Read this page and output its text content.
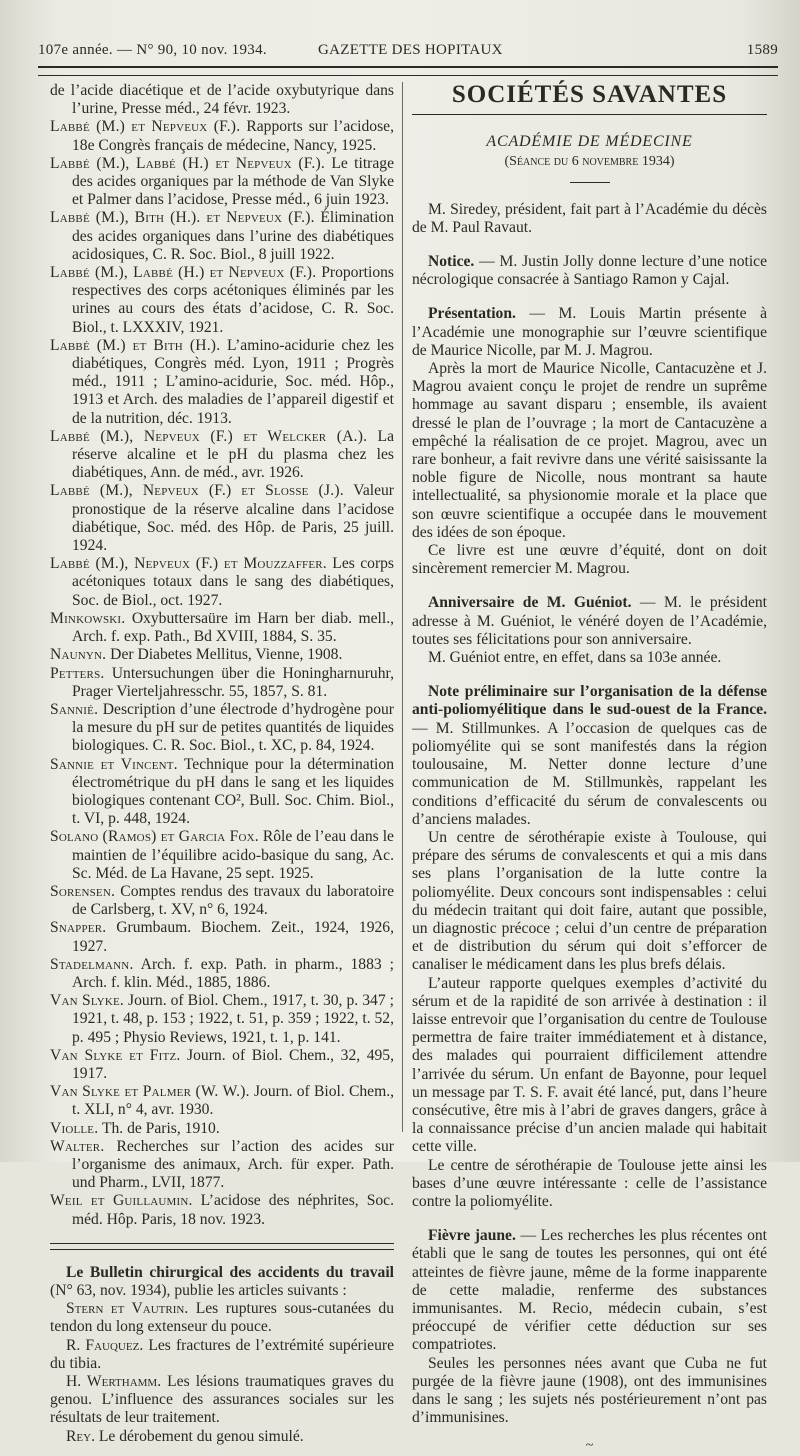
107e année. — N° 90, 10 nov. 1934.	GAZETTE DES HOPITAUX	1589

de l’acide diacétique et de l’acide oxybutyrique dans l’urine, Presse méd., 24 févr. 1923.

Labbé (M.) et Nepveux (F.). Rapports sur l’acidose, 18e Congrès français de médecine, Nancy, 1925.

Labbé (M.), Labbé (H.) et Nepveux (F.). Le titrage des acides organiques par la méthode de Van Slyke et Palmer dans l’acidose, Presse méd., 6 juin 1923.

Labbé (M.), Bith (H.). et Nepveux (F.). Élimination des acides organiques dans l’urine des diabétiques acidosiques, C. R. Soc. Biol., 8 juill 1922.

Labbé (M.), Labbé (H.) et Nepveux (F.). Proportions respectives des corps acétoniques éliminés par les urines au cours des états d’acidose, C. R. Soc. Biol., t. LXXXIV, 1921.

Labbé (M.) et Bith (H.). L’amino-acidurie chez les diabétiques, Congrès méd. Lyon, 1911 ; Progrès méd., 1911 ; L’amino-acidurie, Soc. méd. Hôp., 1913 et Arch. des maladies de l’appareil digestif et de la nutrition, déc. 1913.

Labbé (M.), Nepveux (F.) et Welcker (A.). La réserve alcaline et le pH du plasma chez les diabétiques, Ann. de méd., avr. 1926.

Labbé (M.), Nepveux (F.) et Slosse (J.). Valeur pronostique de la réserve alcaline dans l’acidose diabétique, Soc. méd. des Hôp. de Paris, 25 juill. 1924.

Labbé (M.), Nepveux (F.) et Mouzzaffer. Les corps acétoniques totaux dans le sang des diabétiques, Soc. de Biol., oct. 1927.

Minkowski. Oxybuttersaüre im Harn ber diab. mell., Arch. f. exp. Path., Bd XVIII, 1884, S. 35.

Naunyn. Der Diabetes Mellitus, Vienne, 1908.

Petters. Untersuchungen über die Honingharnuruhr, Prager Vierteljahresschr. 55, 1857, S. 81.

Sannié. Description d’une électrode d’hydrogène pour la mesure du pH sur de petites quantités de liquides biologiques. C. R. Soc. Biol., t. XC, p. 84, 1924.

Sannie et Vincent. Technique pour la détermination électrométrique du pH dans le sang et les liquides biologiques contenant CO², Bull. Soc. Chim. Biol., t. VI, p. 448, 1924.

Solano (Ramos) et Garcia Fox. Rôle de l’eau dans le maintien de l’équilibre acido-basique du sang, Ac. Sc. Méd. de La Havane, 25 sept. 1925.

Sorensen. Comptes rendus des travaux du laboratoire de Carlsberg, t. XV, n° 6, 1924.

Snapper. Grumbaum. Biochem. Zeit., 1924, 1926, 1927.

Stadelmann. Arch. f. exp. Path. in pharm., 1883 ; Arch. f. klin. Méd., 1885, 1886.

Van Slyke. Journ. of Biol. Chem., 1917, t. 30, p. 347 ; 1921, t. 48, p. 153 ; 1922, t. 51, p. 359 ; 1922, t. 52, p. 495 ; Physio Reviews, 1921, t. 1, p. 141.

Van Slyke et Fitz. Journ. of Biol. Chem., 32, 495, 1917.

Van Slyke et Palmer (W. W.). Journ. of Biol. Chem., t. XLI, n° 4, avr. 1930.

Violle. Th. de Paris, 1910.

Walter. Recherches sur l’action des acides sur l’organisme des animaux, Arch. für exper. Path. und Pharm., LVII, 1877.

Weil et Guillaumin. L’acidose des néphrites, Soc. méd. Hôp. Paris, 18 nov. 1923.

Le Bulletin chirurgical des accidents du travail (N° 63, nov. 1934), publie les articles suivants :

Stern et Vautrin. Les ruptures sous-cutanées du tendon du long extenseur du pouce.

R. Fauquez. Les fractures de l’extrémité supérieure du tibia.

H. Werthamm. Les lésions traumatiques graves du genou. L’influence des assurances sociales sur les résultats de leur traitement.

Rey. Le dérobement du genou simulé.

SOCIÉTÉS SAVANTES

ACADÉMIE DE MÉDECINE

(Séance du 6 novembre 1934)

M. Siredey, président, fait part à l’Académie du décès de M. Paul Ravaut.

Notice. — M. Justin Jolly donne lecture d’une notice nécrologique consacrée à Santiago Ramon y Cajal.

Présentation. — M. Louis Martin présente à l’Académie une monographie sur l’œuvre scientifique de Maurice Nicolle, par M. J. Magrou.

Après la mort de Maurice Nicolle, Cantacuzène et J. Magrou avaient conçu le projet de rendre un suprême hommage au savant disparu ; ensemble, ils avaient dressé le plan de l’ouvrage ; la mort de Cantacuzène a empêché la réalisation de ce projet. Magrou, avec un rare bonheur, a fait revivre dans une vérité saisissante la noble figure de Nicolle, nous montrant sa haute intellectualité, sa physionomie morale et la place que son œuvre scientifique a occupée dans le mouvement des idées de son époque.

Ce livre est une œuvre d’équité, dont on doit sincèrement remercier M. Magrou.

Anniversaire de M. Guéniot. — M. le président adresse à M. Guéniot, le vénéré doyen de l’Académie, toutes ses félicitations pour son anniversaire.

M. Guéniot entre, en effet, dans sa 103e année.

Note préliminaire sur l’organisation de la défense anti-poliomyélitique dans le sud-ouest de la France. — M. Stillmunkes. A l’occasion de quelques cas de poliomyélite qui se sont manifestés dans la région toulousaine, M. Netter donne lecture d’une communication de M. Stillmunkès, rappelant les conditions d’efficacité du sérum de convalescents ou d’anciens malades.

Un centre de sérothérapie existe à Toulouse, qui prépare des sérums de convalescents et qui a mis dans ses plans l’organisation de la lutte contre la poliomyélite. Deux concours sont indispensables : celui du médecin traitant qui doit faire, autant que possible, un diagnostic précoce ; celui d’un centre de préparation et de distribution du sérum qui doit s’efforcer de canaliser le médicament dans les plus brefs délais.

L’auteur rapporte quelques exemples d’activité du sérum et de la rapidité de son arrivée à destination : il laisse entrevoir que l’organisation du centre de Toulouse permettra de faire traiter immédiatement et à distance, des malades qui pourraient difficilement attendre l’arrivée du sérum. Un enfant de Bayonne, pour lequel un message par T. S. F. avait été lancé, put, dans l’heure consécutive, être mis à l’abri de graves dangers, grâce à la connaissance précise d’un ancien malade qui habitait cette ville.

Le centre de sérothérapie de Toulouse jette ainsi les bases d’une œuvre intéressante : celle de l’assistance contre la poliomyélite.

Fièvre jaune. — Les recherches les plus récentes ont établi que le sang de toutes les personnes, qui ont été atteintes de fièvre jaune, même de la forme inapparente de cette maladie, renferme des substances immunisantes. M. Recio, médecin cubain, s’est préoccupé de vérifier cette déduction sur ses compatriotes.

Seules les personnes nées avant que Cuba ne fut purgée de la fièvre jaune (1908), ont des immunisines dans le sang ; les sujets nés postérieurement n’ont pas d’immunisines.

~
